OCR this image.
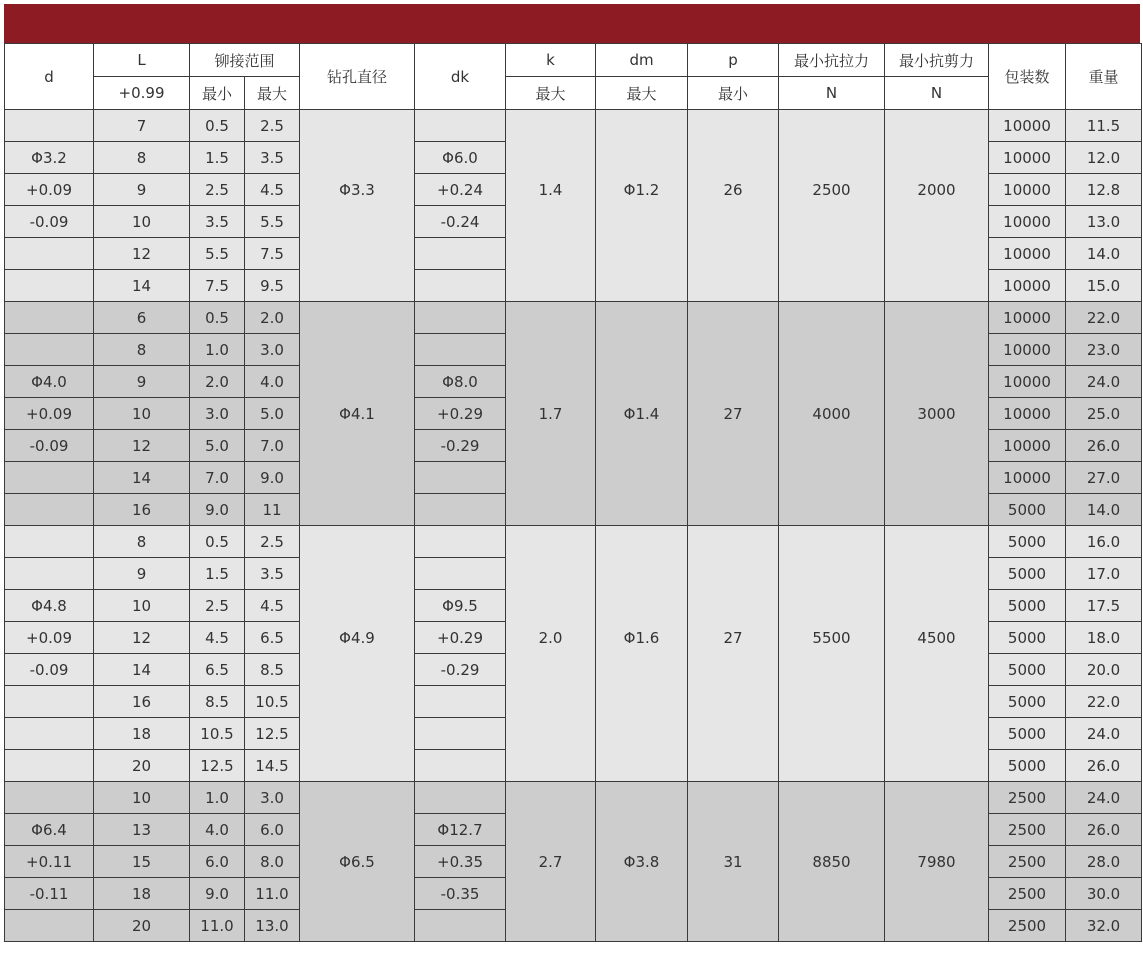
d	L	铆接范围		钻孔直径	dk	k	dm	p	最小抗拉力	最小抗剪力	包装数	重量
	+0.99	最小	最大			最大	最大	最小	N	N		
	7	0.5	2.5								10000	11.5
Φ3.2	8	1.5	3.5		Φ6.0						10000	12.0
+0.09	9	2.5	4.5	Φ3.3	+0.24	1.4	Φ1.2	26	2500	2000	10000	12.8
-0.09	10	3.5	5.5		-0.24						10000	13.0
	12	5.5	7.5								10000	14.0
	14	7.5	9.5								10000	15.0
	6	0.5	2.0								10000	22.0
	8	1.0	3.0								10000	23.0
Φ4.0	9	2.0	4.0		Φ8.0						10000	24.0
+0.09	10	3.0	5.0	Φ4.1	+0.29	1.7	Φ1.4	27	4000	3000	10000	25.0
-0.09	12	5.0	7.0		-0.29						10000	26.0
	14	7.0	9.0								10000	27.0
	16	9.0	11								5000	14.0
	8	0.5	2.5								5000	16.0
	9	1.5	3.5								5000	17.0
Φ4.8	10	2.5	4.5		Φ9.5						5000	17.5
+0.09	12	4.5	6.5	Φ4.9	+0.29	2.0	Φ1.6	27	5500	4500	5000	18.0
-0.09	14	6.5	8.5		-0.29						5000	20.0
	16	8.5	10.5								5000	22.0
	18	10.5	12.5								5000	24.0
	20	12.5	14.5								5000	26.0
	10	1.0	3.0								2500	24.0
Φ6.4	13	4.0	6.0		Φ12.7						2500	26.0
+0.11	15	6.0	8.0	Φ6.5	+0.35	2.7	Φ3.8	31	8850	7980	2500	28.0
-0.11	18	9.0	11.0		-0.35						2500	30.0
	20	11.0	13.0								2500	32.0
